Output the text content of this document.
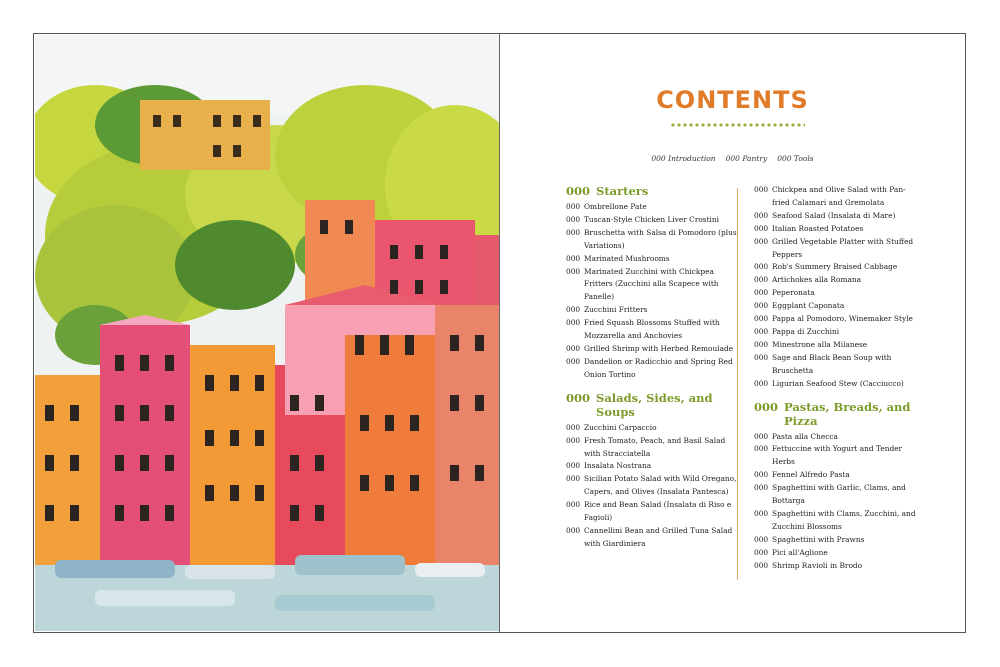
CONTENTS
000 Introduction 000 Pantry 000 Tools
000 Starters
000 Ombrellone Pate
000 Tuscan-Style Chicken Liver Crostini
000 Bruschetta with Salsa di Pomodoro (plus Variations)
000 Marinated Mushrooms
000 Marinated Zucchini with Chickpea Fritters (Zucchini alla Scapece with Panelle)
000 Zucchini Fritters
000 Fried Squash Blossoms Stuffed with Mozzarella and Anchovies
000 Grilled Shrimp with Herbed Remoulade
000 Dandelion or Radicchio and Spring Red Onion Tortino
000 Salads, Sides, and Soups
000 Zucchini Carpaccio
000 Fresh Tomato, Peach, and Basil Salad with Stracciatella
000 Insalata Nostrana
000 Sicilian Potato Salad with Wild Oregano, Capers, and Olives (Insalata Pantesca)
000 Rice and Bean Salad (Insalata di Riso e Fagioli)
000 Cannellini Bean and Grilled Tuna Salad with Giardiniera
000 Chickpea and Olive Salad with Pan-fried Calamari and Gremolata
000 Seafood Salad (Insalata di Mare)
000 Italian Roasted Potatoes
000 Grilled Vegetable Platter with Stuffed Peppers
000 Rob's Summery Braised Cabbage
000 Artichokes alla Romana
000 Peperonata
000 Eggplant Caponata
000 Pappa al Pomodoro, Winemaker Style
000 Pappa di Zucchini
000 Minestrone alla Milanese
000 Sage and Black Bean Soup with Bruschetta
000 Ligurian Seafood Stew (Cacciucco)
000 Pastas, Breads, and Pizza
000 Pasta alla Checca
000 Fettuccine with Yogurt and Tender Herbs
000 Fennel Alfredo Pasta
000 Spaghettini with Garlic, Clams, and Bottarga
000 Spaghettini with Clams, Zucchini, and Zucchini Blossoms
000 Spaghettini with Prawns
000 Pici all'Aglione
000 Shrimp Ravioli in Brodo
